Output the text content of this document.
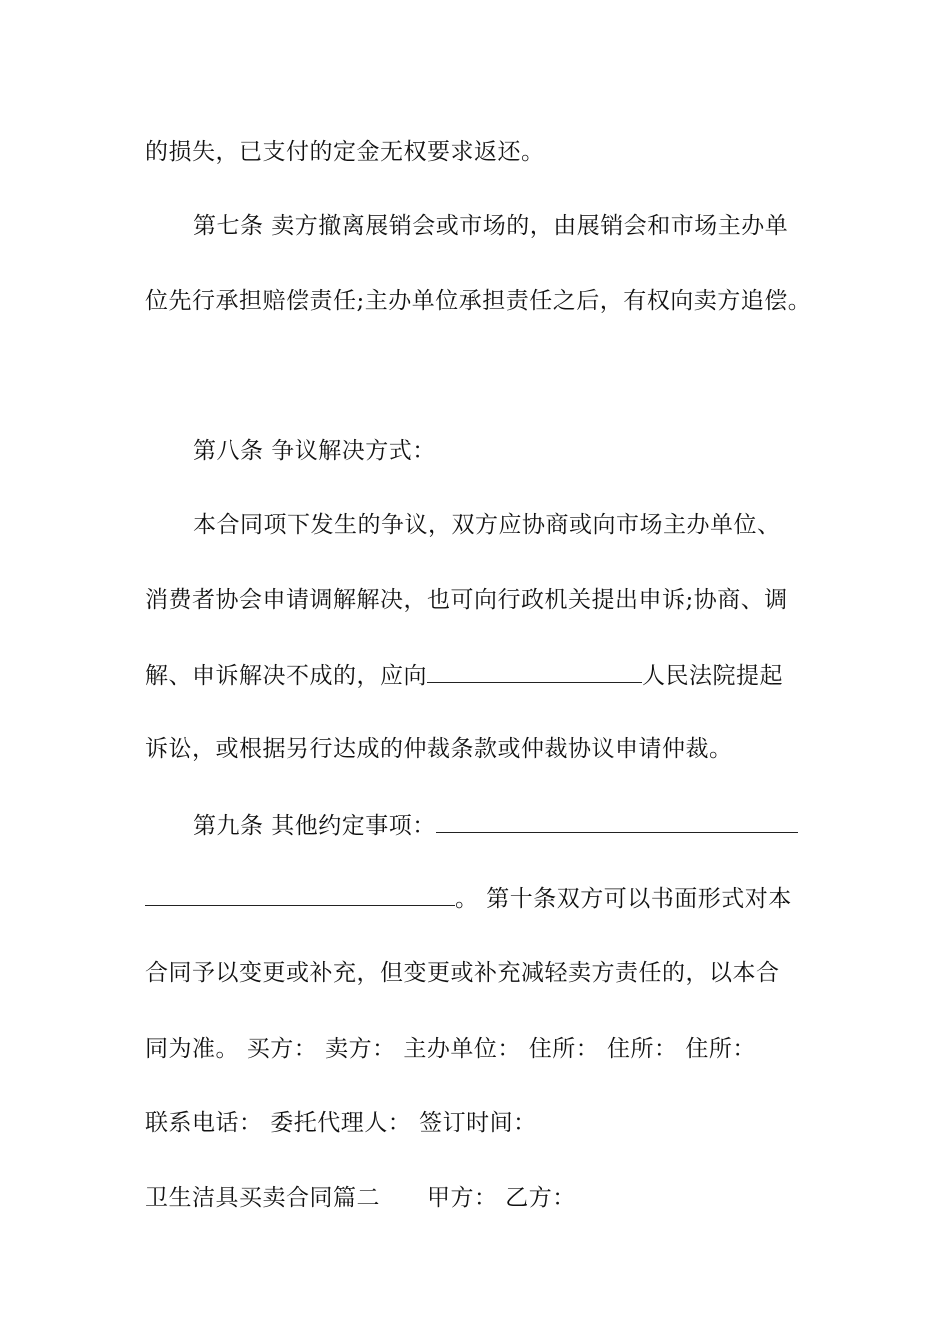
的损失，已支付的定金无权要求返还。
第七条 卖方撤离展销会或市场的，由展销会和市场主办单
位先行承担赔偿责任;主办单位承担责任之后，有权向卖方追偿。
第八条 争议解决方式：
本合同项下发生的争议，双方应协商或向市场主办单位、
消费者协会申请调解解决，也可向行政机关提出申诉;协商、调
解、申诉解决不成的，应向	人民法院提起
诉讼，或根据另行达成的仲裁条款或仲裁协议申请仲裁。
第九条 其他约定事项：
。 第十条双方可以书面形式对本
合同予以变更或补充，但变更或补充减轻卖方责任的，以本合
同为准。 买方： 卖方： 主办单位： 住所： 住所： 住所：
联系电话： 委托代理人： 签订时间：
卫生洁具买卖合同篇二　　甲方： 乙方：
